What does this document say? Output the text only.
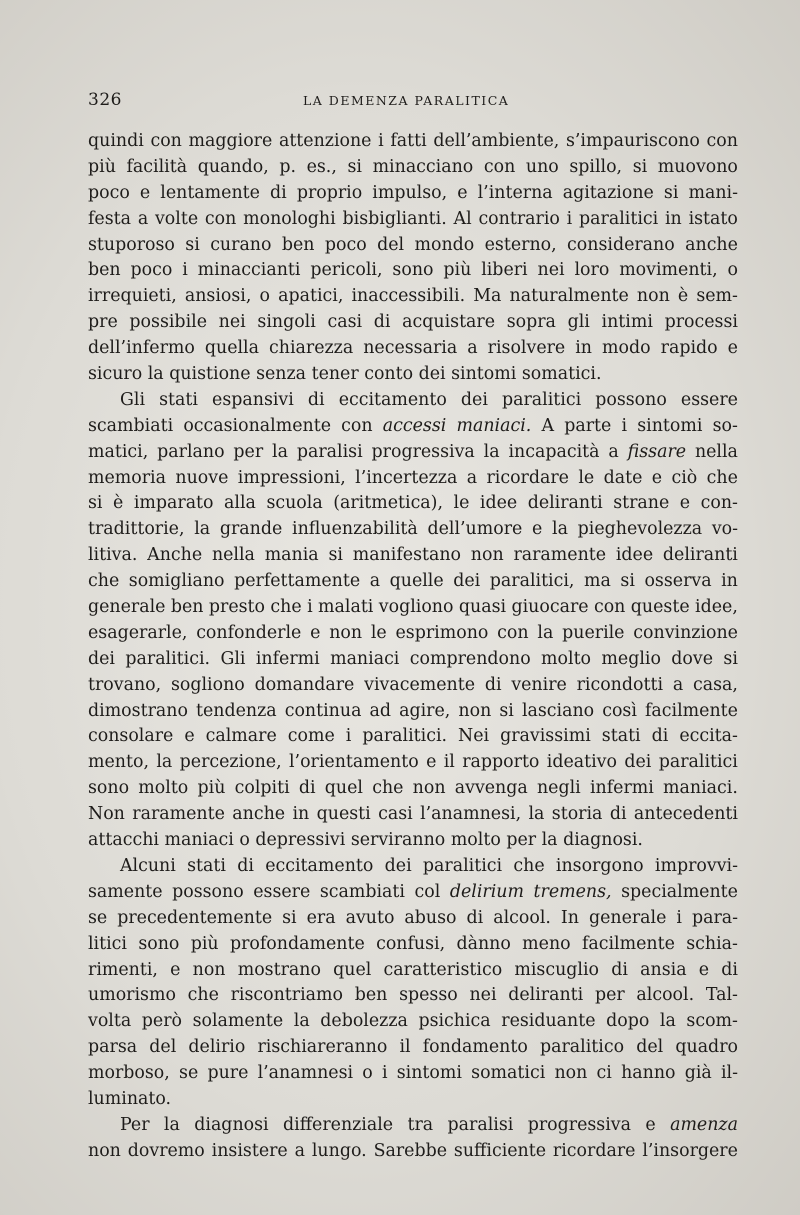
326	LA DEMENZA PARALITICA
quindi con maggiore attenzione i fatti dell’ambiente, s’impauriscono con
più facilità quando, p. es., si minacciano con uno spillo, si muovono
poco e lentamente di proprio impulso, e l’interna agitazione si mani-
festa a volte con monologhi bisbiglianti. Al contrario i paralitici in istato
stuporoso si curano ben poco del mondo esterno, considerano anche
ben poco i minaccianti pericoli, sono più liberi nei loro movimenti, o
irrequieti, ansiosi, o apatici, inaccessibili. Ma naturalmente non è sem-
pre possibile nei singoli casi di acquistare sopra gli intimi processi
dell’infermo quella chiarezza necessaria a risolvere in modo rapido e
sicuro la quistione senza tener conto dei sintomi somatici.
Gli stati espansivi di eccitamento dei paralitici possono essere
scambiati occasionalmente con accessi maniaci. A parte i sintomi so-
matici, parlano per la paralisi progressiva la incapacità a fissare nella
memoria nuove impressioni, l’incertezza a ricordare le date e ciò che
si è imparato alla scuola (aritmetica), le idee deliranti strane e con-
tradittorie, la grande influenzabilità dell’umore e la pieghevolezza vo-
litiva. Anche nella mania si manifestano non raramente idee deliranti
che somigliano perfettamente a quelle dei paralitici, ma si osserva in
generale ben presto che i malati vogliono quasi giuocare con queste idee,
esagerarle, confonderle e non le esprimono con la puerile convinzione
dei paralitici. Gli infermi maniaci comprendono molto meglio dove si
trovano, sogliono domandare vivacemente di venire ricondotti a casa,
dimostrano tendenza continua ad agire, non si lasciano così facilmente
consolare e calmare come i paralitici. Nei gravissimi stati di eccita-
mento, la percezione, l’orientamento e il rapporto ideativo dei paralitici
sono molto più colpiti di quel che non avvenga negli infermi maniaci.
Non raramente anche in questi casi l’anamnesi, la storia di antecedenti
attacchi maniaci o depressivi serviranno molto per la diagnosi.
Alcuni stati di eccitamento dei paralitici che insorgono improvvi-
samente possono essere scambiati col delirium tremens, specialmente
se precedentemente si era avuto abuso di alcool. In generale i para-
litici sono più profondamente confusi, dànno meno facilmente schia-
rimenti, e non mostrano quel caratteristico miscuglio di ansia e di
umorismo che riscontriamo ben spesso nei deliranti per alcool. Tal-
volta però solamente la debolezza psichica residuante dopo la scom-
parsa del delirio rischiareranno il fondamento paralitico del quadro
morboso, se pure l’anamnesi o i sintomi somatici non ci hanno già il-
luminato.
Per la diagnosi differenziale tra paralisi progressiva e amenza
non dovremo insistere a lungo. Sarebbe sufficiente ricordare l’insorgere
